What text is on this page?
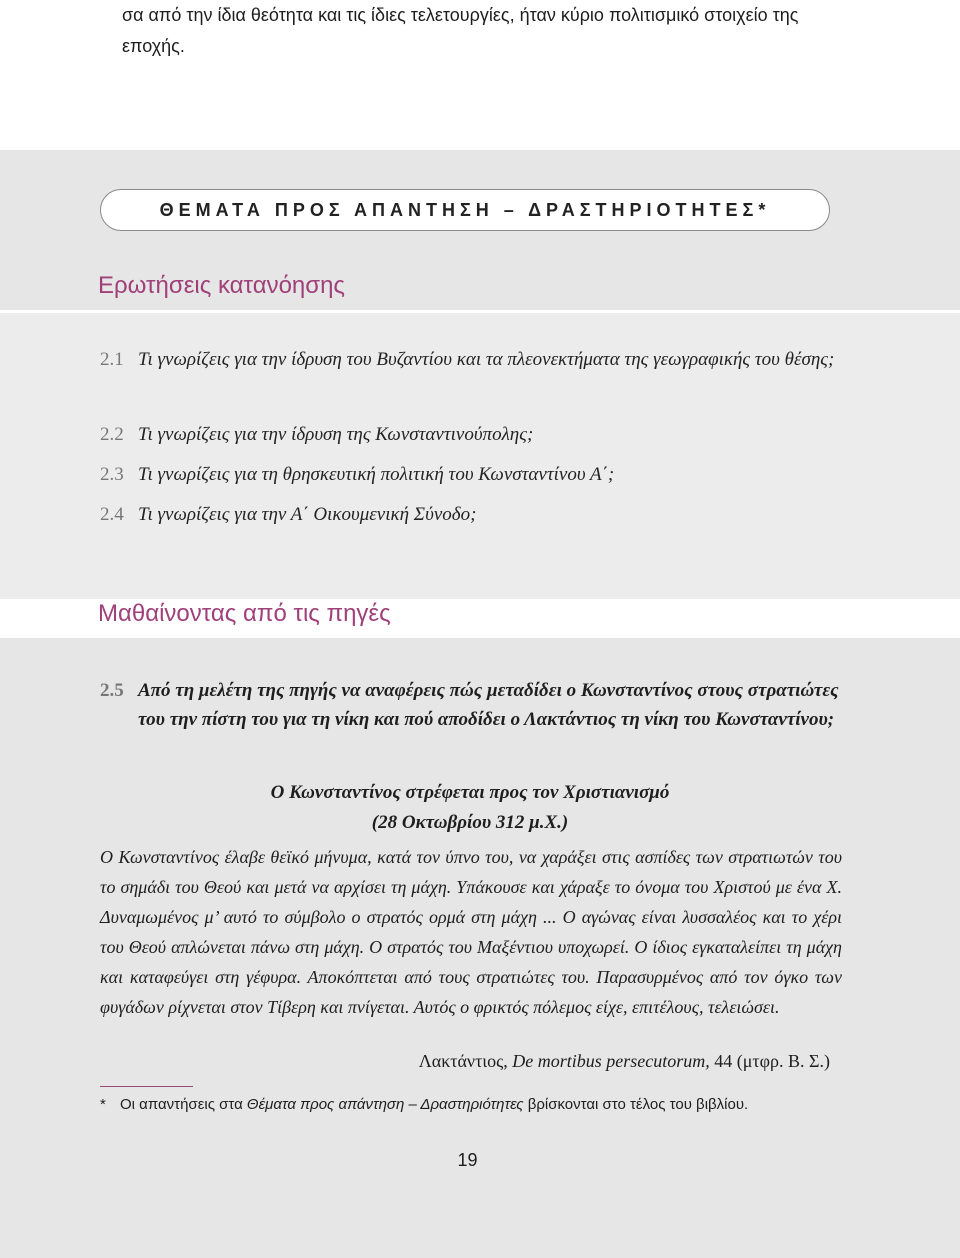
σα από την ίδια θεότητα και τις ίδιες τελετουργίες, ήταν κύριο πολιτισμικό στοιχείο της εποχής.
ΘΕΜΑΤΑ ΠΡΟΣ ΑΠΑΝΤΗΣΗ – ΔΡΑΣΤΗΡΙΟΤΗΤΕΣ*
Ερωτήσεις κατανόησης
2.1 Τι γνωρίζεις για την ίδρυση του Βυζαντίου και τα πλεονεκτήματα της γεωγραφικής του θέσης;
2.2 Τι γνωρίζεις για την ίδρυση της Κωνσταντινούπολης;
2.3 Τι γνωρίζεις για τη θρησκευτική πολιτική του Κωνσταντίνου Α΄;
2.4 Τι γνωρίζεις για την Α΄ Οικουμενική Σύνοδο;
Μαθαίνοντας από τις πηγές
2.5 Από τη μελέτη της πηγής να αναφέρεις πώς μεταδίδει ο Κωνσταντίνος στους στρατιώτες του την πίστη του για τη νίκη και πού αποδίδει ο Λακτάντιος τη νίκη του Κωνσταντίνου;
Ο Κωνσταντίνος στρέφεται προς τον Χριστιανισμό
(28 Οκτωβρίου 312 μ.Χ.)
Ο Κωνσταντίνος έλαβε θεϊκό μήνυμα, κατά τον ύπνο του, να χαράξει στις ασπίδες των στρατιωτών του το σημάδι του Θεού και μετά να αρχίσει τη μάχη. Υπάκουσε και χάραξε το όνομα του Χριστού με ένα Χ. Δυναμωμένος μ’ αυτό το σύμβολο ο στρατός ορμά στη μάχη ... Ο αγώνας είναι λυσσαλέος και το χέρι του Θεού απλώνεται πάνω στη μάχη. Ο στρατός του Μαξέντιου υποχωρεί. Ο ίδιος εγκαταλείπει τη μάχη και καταφεύγει στη γέφυρα. Αποκόπτεται από τους στρατιώτες του. Παρασυρμένος από τον όγκο των φυγάδων ρίχνεται στον Τίβερη και πνίγεται. Αυτός ο φρικτός πόλεμος είχε, επιτέλους, τελειώσει.
Λακτάντιος, De mortibus persecutorum, 44 (μτφρ. Β. Σ.)
* Οι απαντήσεις στα Θέματα προς απάντηση – Δραστηριότητες βρίσκονται στο τέλος του βιβλίου.
19
